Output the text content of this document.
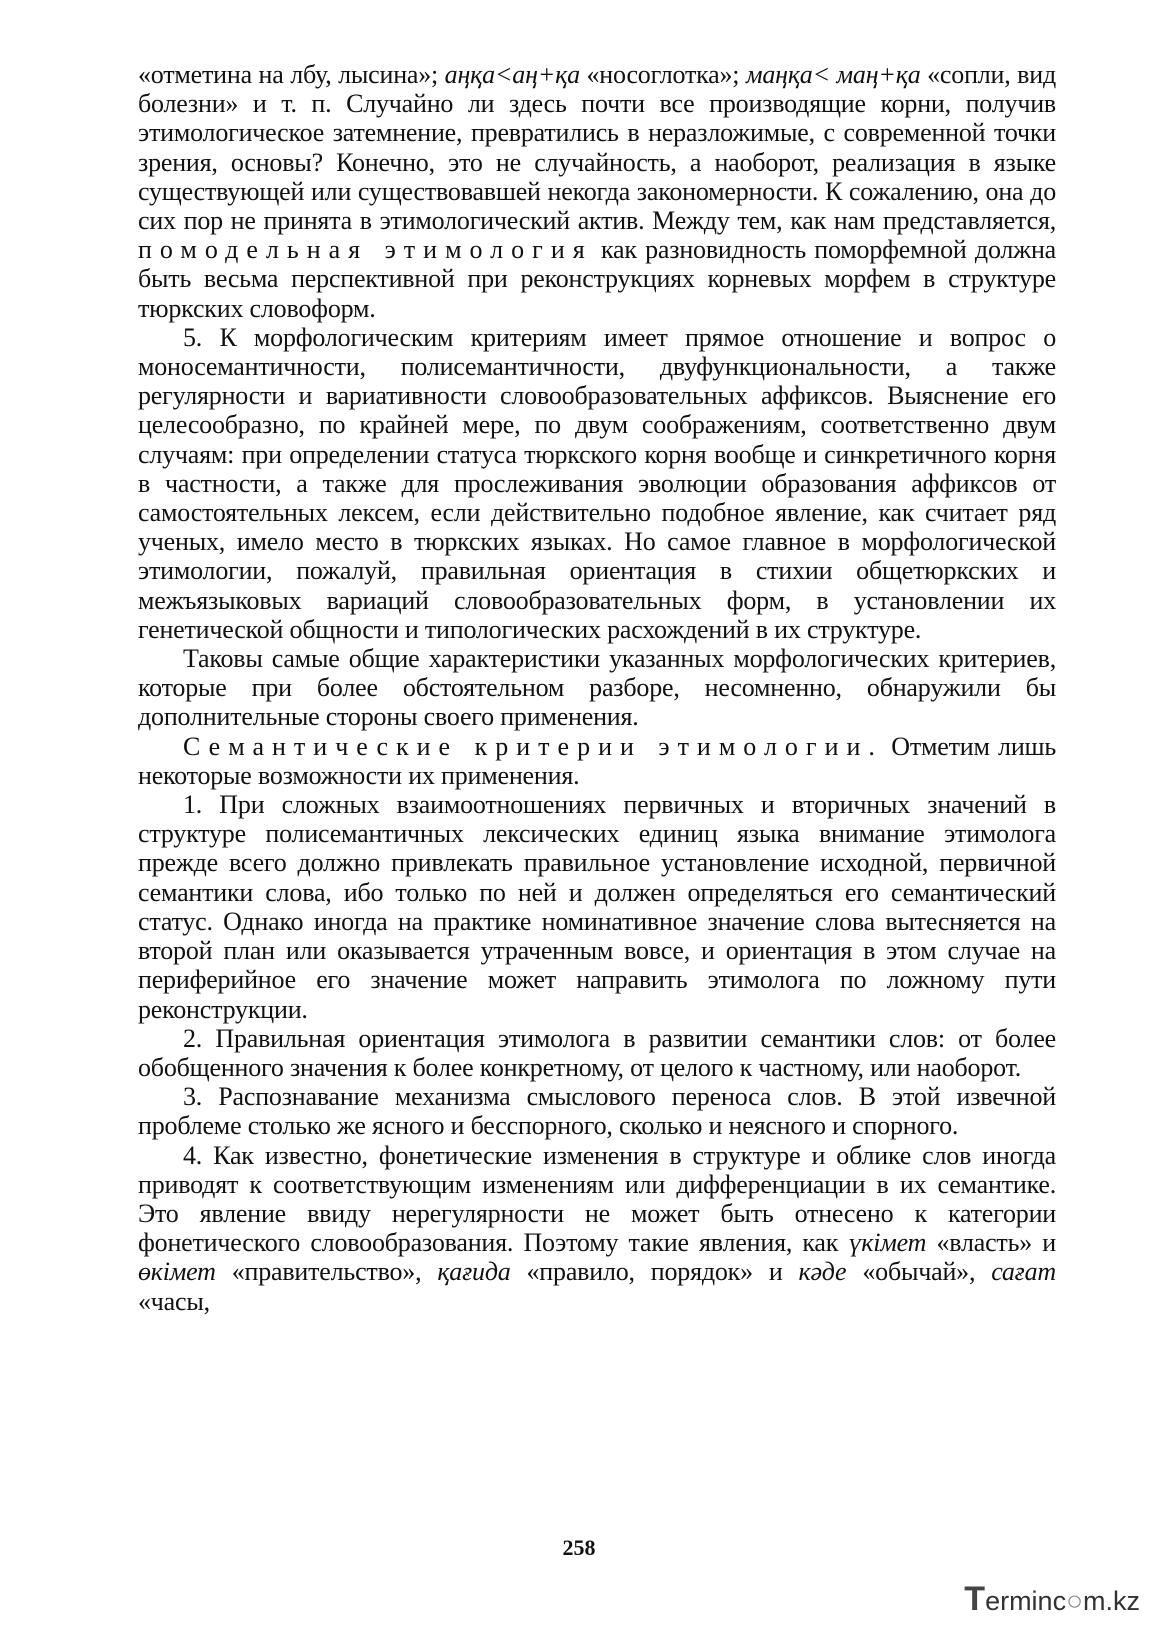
«отметина на лбу, лысина»; аңқа<аң+қа «носоглотка»; маңқа< маң+қа «сопли, вид болезни» и т. п. Случайно ли здесь почти все производящие корни, получив этимологическое затемнение, превратились в неразложимые, с современной точки зрения, основы? Конечно, это не случайность, а наоборот, реализация в языке существующей или существовавшей некогда закономерности. К сожалению, она до сих пор не принята в этимологический актив. Между тем, как нам представляется, помодельная этимология как разновидность поморфемной должна быть весьма перспективной при реконструкциях корневых морфем в структуре тюркских словоформ.

5. К морфологическим критериям имеет прямое отношение и вопрос о моносемантичности, полисемантичности, двуфункциональности, а также регулярности и вариативности словообразовательных аффиксов. Выяснение его целесообразно, по крайней мере, по двум соображениям, соответственно двум случаям: при определении статуса тюркского корня вообще и синкретичного корня в частности, а также для прослеживания эволюции образования аффиксов от самостоятельных лексем, если действительно подобное явление, как считает ряд ученых, имело место в тюркских языках. Но самое главное в морфологической этимологии, пожалуй, правильная ориентация в стихии общетюркских и межъязыковых вариаций словообразовательных форм, в установлении их генетической общности и типологических расхождений в их структуре.

Таковы самые общие характеристики указанных морфологических критериев, которые при более обстоятельном разборе, несомненно, обнаружили бы дополнительные стороны своего применения.

Семантические критерии этимологии. Отметим лишь некоторые возможности их применения.

1. При сложных взаимоотношениях первичных и вторичных значений в структуре полисемантичных лексических единиц языка внимание этимолога прежде всего должно привлекать правильное установление исходной, первичной семантики слова, ибо только по ней и должен определяться его семантический статус. Однако иногда на практике номинативное значение слова вытесняется на второй план или оказывается утраченным вовсе, и ориентация в этом случае на периферийное его значение может направить этимолога по ложному пути реконструкции.

2. Правильная ориентация этимолога в развитии семантики слов: от более обобщенного значения к более конкретному, от целого к частному, или наоборот.

3. Распознавание механизма смыслового переноса слов. В этой извечной проблеме столько же ясного и бесспорного, сколько и неясного и спорного.

4. Как известно, фонетические изменения в структуре и облике слов иногда приводят к соответствующим изменениям или дифференциации в их семантике. Это явление ввиду нерегулярности не может быть отнесено к категории фонетического словообразования. Поэтому такие явления, как үкімет «власть» и өкімет «правительство», қағида «правило, порядок» и кәде «обычай», сағат «часы,

258
Terminc○m.kz
